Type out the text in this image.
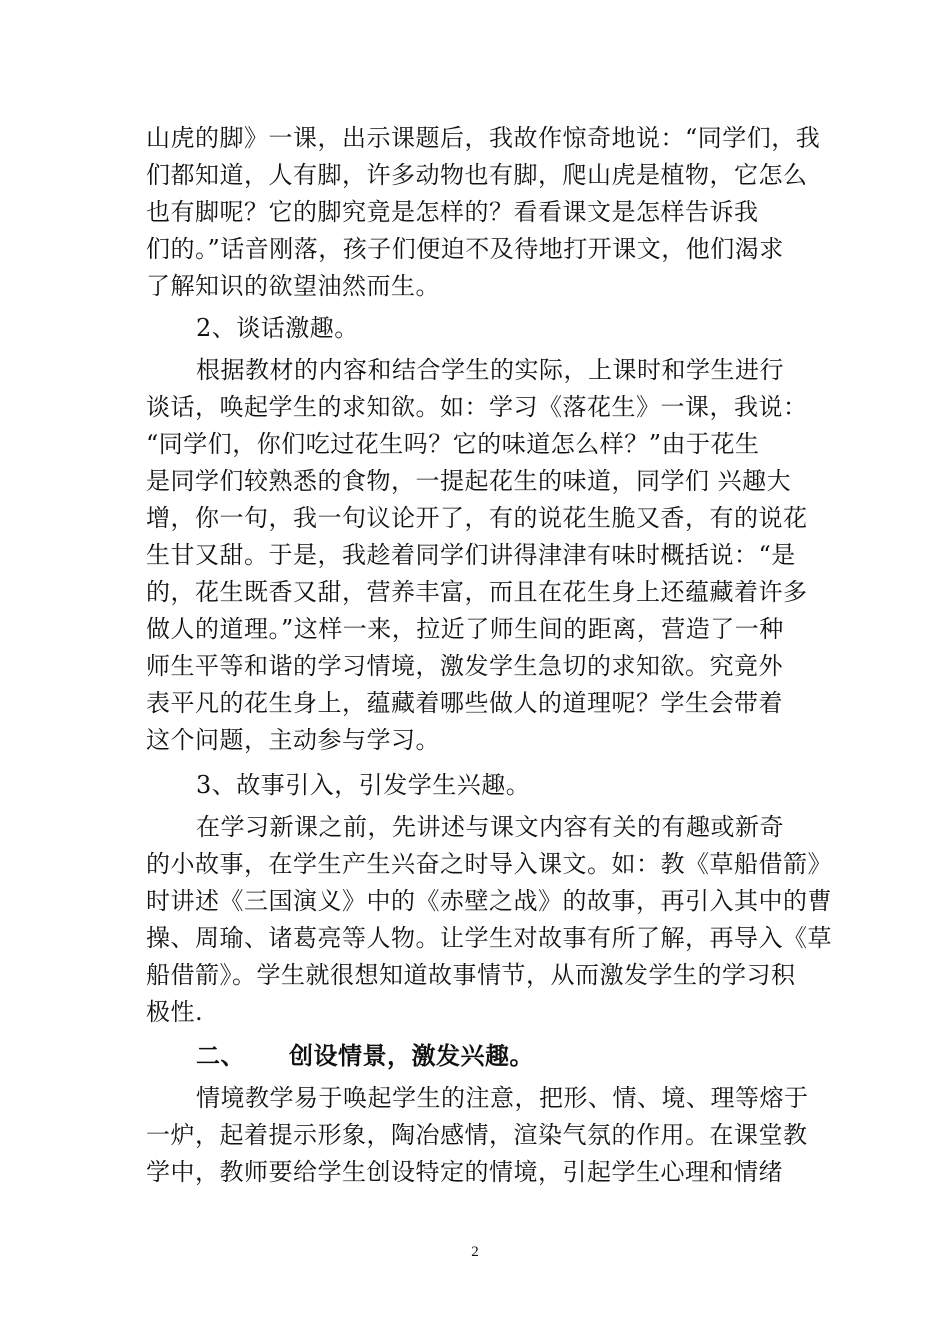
山虎的脚》一课，出示课题后，我故作惊奇地说：“同学们，我
们都知道，人有脚，许多动物也有脚，爬山虎是植物，它怎么
也有脚呢？它的脚究竟是怎样的？看看课文是怎样告诉我
们的。”话音刚落，孩子们便迫不及待地打开课文，他们渴求
了解知识的欲望油然而生。
2、谈话激趣。
根据教材的内容和结合学生的实际，上课时和学生进行
谈话，唤起学生的求知欲。如：学习《落花生》一课，我说：
“同学们，你们吃过花生吗？它的味道怎么样？”由于花生
是同学们较熟悉的食物，一提起花生的味道，同学们 兴趣大
增，你一句，我一句议论开了，有的说花生脆又香，有的说花
生甘又甜。于是，我趁着同学们讲得津津有味时概括说：“是
的，花生既香又甜，营养丰富，而且在花生身上还蕴藏着许多
做人的道理。”这样一来，拉近了师生间的距离，营造了一种
师生平等和谐的学习情境，激发学生急切的求知欲。究竟外
表平凡的花生身上，蕴藏着哪些做人的道理呢？学生会带着
这个问题，主动参与学习。
3、故事引入，引发学生兴趣。
在学习新课之前，先讲述与课文内容有关的有趣或新奇
的小故事，在学生产生兴奋之时导入课文。如：教《草船借箭》
时讲述《三国演义》中的《赤壁之战》的故事，再引入其中的曹
操、周瑜、诸葛亮等人物。让学生对故事有所了解，再导入《草
船借箭》。学生就很想知道故事情节，从而激发学生的学习积
极性.
二、 创设情景，激发兴趣。
情境教学易于唤起学生的注意，把形、情、境、理等熔于
一炉，起着提示形象，陶冶感情，渲染气氛的作用。在课堂教
学中，教师要给学生创设特定的情境，引起学生心理和情绪
2
